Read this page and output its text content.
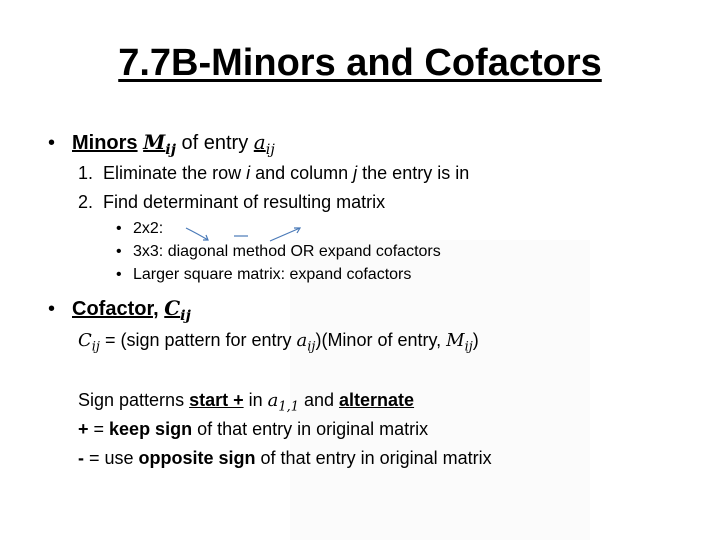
7.7B-Minors and Cofactors
• Minors $M_{ij}$ of entry $a_{ij}$
1. Eliminate the row i and column j the entry is in
2. Find determinant of resulting matrix
• 2x2:
• 3x3: diagonal method OR expand cofactors
• Larger square matrix: expand cofactors
• Cofactor, $C_{ij}$
$C_{ij}$ = (sign pattern for entry $a_{ij})(Minor$ of entry, $M_{ij}$)
Sign patterns start + in $a_{1,1}$ and alternate
+ = keep sign of that entry in original matrix
- = use opposite sign of that entry in original matrix
